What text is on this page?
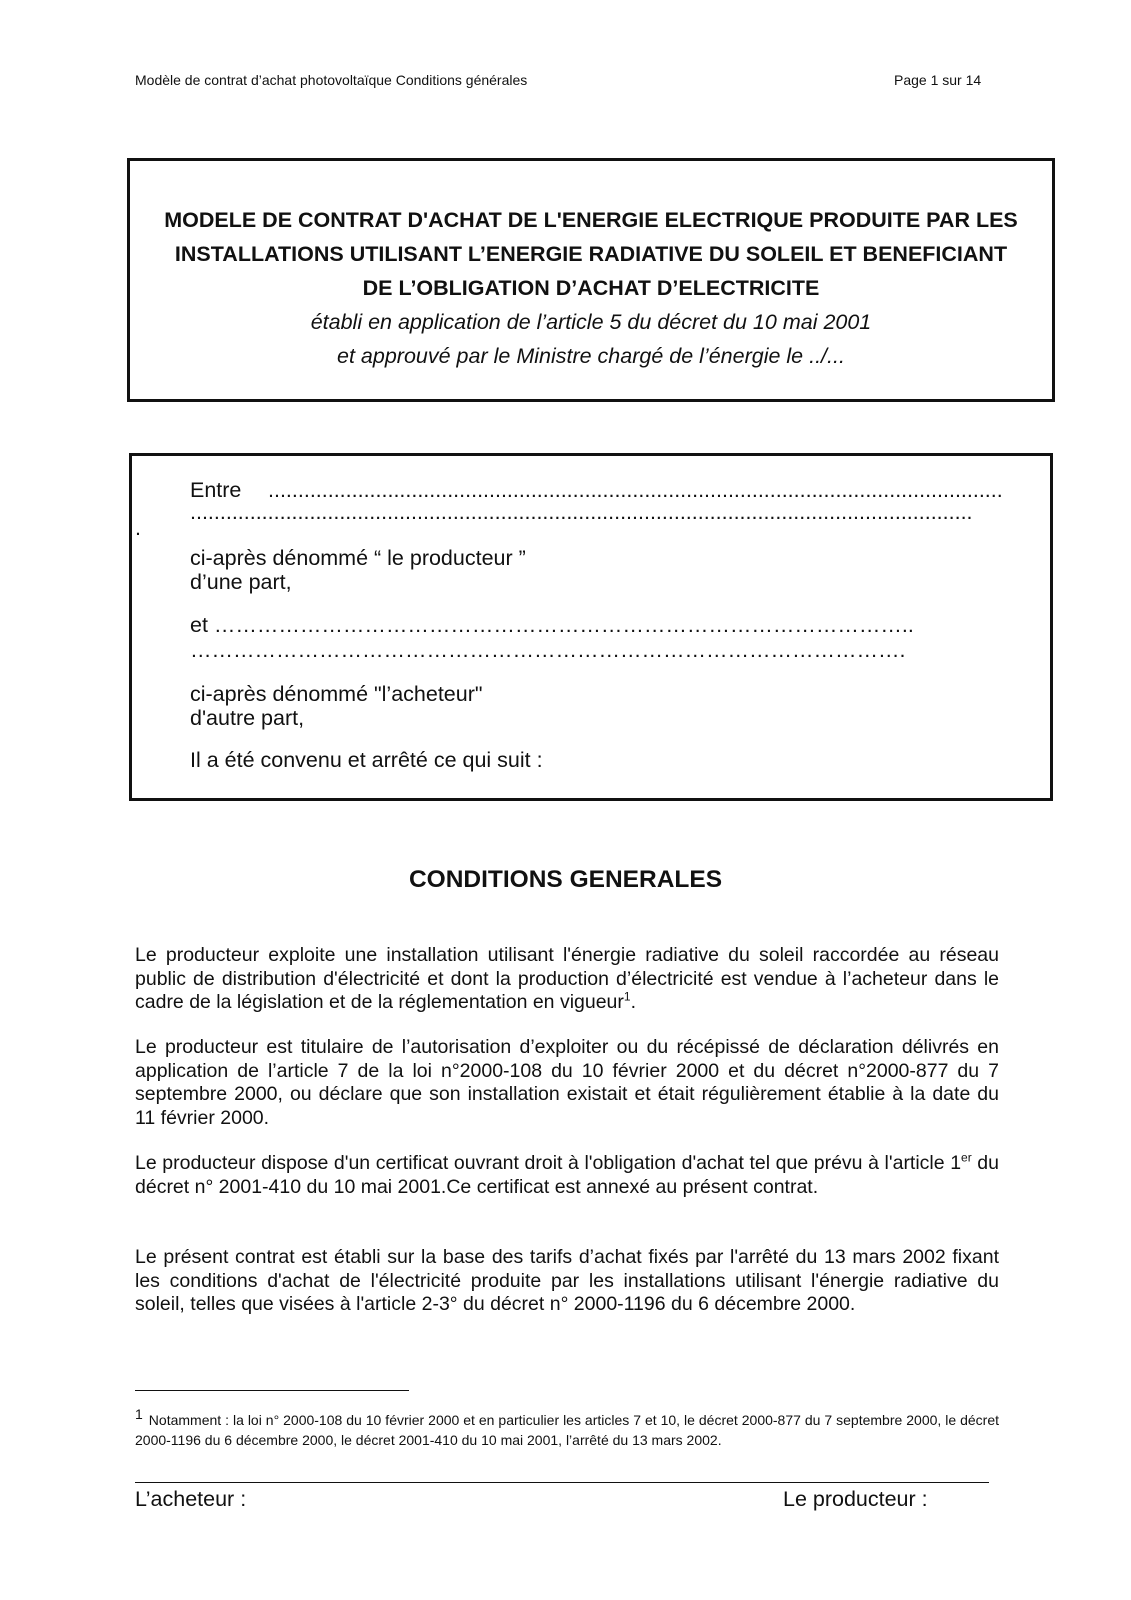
Modèle de contrat d’achat photovoltaïque Conditions générales	Page 1 sur 14
MODELE DE CONTRAT D'ACHAT DE L'ENERGIE ELECTRIQUE PRODUITE PAR LES
INSTALLATIONS UTILISANT L’ENERGIE RADIATIVE DU SOLEIL ET BENEFICIANT
DE L’OBLIGATION D’ACHAT D’ELECTRICITE
établi en application de l’article 5 du décret du 10 mai 2001
et approuvé par le Ministre chargé de l’énergie le ../...
Entre ...........................................................................................................................
...................................................................................................................................
.
ci-après dénommé “ le producteur ”
d’une part,
et ……………………………………………………………………………………..
……………………………………………………………………………………….
ci-après dénommé "l’acheteur"
d'autre part,
Il a été convenu et arrêté ce qui suit :
CONDITIONS GENERALES
Le producteur exploite une installation utilisant l'énergie radiative du soleil raccordée au réseau public de distribution d'électricité et dont la production d’électricité est vendue à l’acheteur dans le cadre de la législation et de la réglementation en vigueur$^1$.
Le producteur est titulaire de l’autorisation d’exploiter ou du récépissé de déclaration délivrés en application de l’article 7 de la loi n°2000-108 du 10 février 2000 et du décret n°2000-877 du 7 septembre 2000, ou déclare que son installation existait et était régulièrement établie à la date du 11 février 2000.
Le producteur dispose d'un certificat ouvrant droit à l'obligation d'achat tel que prévu à l'article 1er du décret n° 2001-410 du 10 mai 2001.Ce certificat est annexé au présent contrat.
Le présent contrat est établi sur la base des tarifs d’achat fixés par l'arrêté du 13 mars 2002 fixant les conditions d'achat de l'électricité produite par les installations utilisant l'énergie radiative du soleil, telles que visées à l'article 2-3° du décret n° 2000-1196 du 6 décembre 2000.
1 Notamment : la loi n° 2000-108 du 10 février 2000 et en particulier les articles 7 et 10, le décret 2000-877 du 7 septembre 2000, le décret 2000-1196 du 6 décembre 2000, le décret 2001-410 du 10 mai 2001, l’arrêté du 13 mars 2002.
L’acheteur :	Le producteur :
